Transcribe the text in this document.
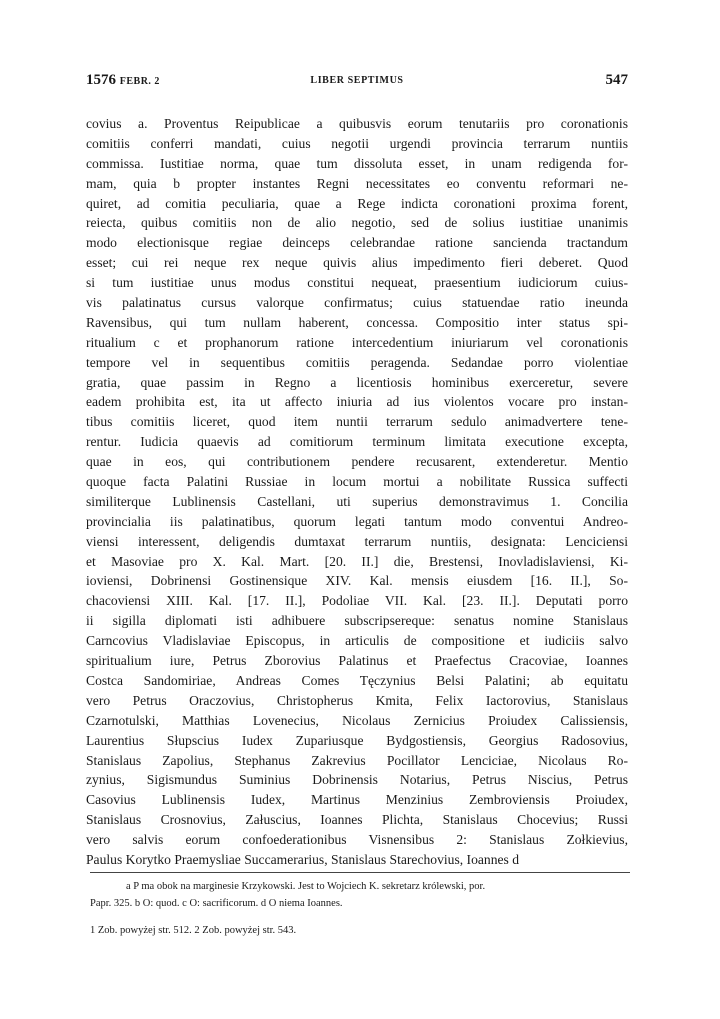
1576 FEBR. 2	LIBER SEPTIMUS	547
covius a. Proventus Reipublicae a quibusvis eorum tenutariis pro coronationis
comitiis conferri mandati, cuius negotii urgendi provincia terrarum nuntiis
commissa. Iustitiae norma, quae tum dissoluta esset, in unam redigenda for-
mam, quia b propter instantes Regni necessitates eo conventu reformari ne-
quiret, ad comitia peculiaria, quae a Rege indicta coronationi proxima forent,
reiecta, quibus comitiis non de alio negotio, sed de solius iustitiae unanimis
modo electionisque regiae deinceps celebrandae ratione sancienda tractandum
esset; cui rei neque rex neque quivis alius impedimento fieri deberet. Quod
si tum iustitiae unus modus constitui nequeat, praesentium iudiciorum cuius-
vis palatinatus cursus valorque confirmatus; cuius statuendae ratio ineunda
Ravensibus, qui tum nullam haberent, concessa. Compositio inter status spi-
ritualium c et prophanorum ratione intercedentium iniuriarum vel coronationis
tempore vel in sequentibus comitiis peragenda. Sedandae porro violentiae
gratia, quae passim in Regno a licentiosis hominibus exerceretur, severe
eadem prohibita est, ita ut affecto iniuria ad ius violentos vocare pro instan-
tibus comitiis liceret, quod item nuntii terrarum sedulo animadvertere tene-
rentur. Iudicia quaevis ad comitiorum terminum limitata executione excepta,
quae in eos, qui contributionem pendere recusarent, extenderetur. Mentio
quoque facta Palatini Russiae in locum mortui a nobilitate Russica suffecti
similiterque Lublinensis Castellani, uti superius demonstravimus 1. Concilia
provincialia iis palatinatibus, quorum legati tantum modo conventui Andreo-
viensi interessent, deligendis dumtaxat terrarum nuntiis, designata: Lenciciensi
et Masoviae pro X. Kal. Mart. [20. II.] die, Brestensi, Inovladislaviensi, Ki-
ioviensi, Dobrinensi Gostinensique XIV. Kal. mensis eiusdem [16. II.], So-
chacoviensi XIII. Kal. [17. II.], Podoliae VII. Kal. [23. II.]. Deputati porro
ii sigilla diplomati isti adhibuere subscripsereque: senatus nomine Stanislaus
Carncovius Vladislaviae Episcopus, in articulis de compositione et iudiciis salvo
spiritualium iure, Petrus Zborovius Palatinus et Praefectus Cracoviae, Ioannes
Costca Sandomiriae, Andreas Comes Tęczynius Belsi Palatini; ab equitatu
vero Petrus Oraczovius, Christopherus Kmita, Felix Iactorovius, Stanislaus
Czarnotulski, Matthias Lovenecius, Nicolaus Zernicius Proiudex Calissiensis,
Laurentius Słupscius Iudex Zupariusque Bydgostiensis, Georgius Radosovius,
Stanislaus Zapolius, Stephanus Zakrevius Pocillator Lenciciae, Nicolaus Ro-
zynius, Sigismundus Suminius Dobrinensis Notarius, Petrus Niscius, Petrus
Casovius Lublinensis Iudex, Martinus Menzinius Zembroviensis Proiudex,
Stanislaus Crosnovius, Załuscius, Ioannes Plichta, Stanislaus Chocevius; Russi
vero salvis eorum confoederationibus Visnensibus 2: Stanislaus Zołkievius,
Paulus Korytko Praemysliae Succamerarius, Stanislaus Starechovius, Ioannes d
a P ma obok na marginesie Krzykowski. Jest to Wojciech K. sekretarz królewski, por.
Papr. 325. b O: quod. c O: sacrificorum. d O niema Ioannes.
1 Zob. powyżej str. 512. 2 Zob. powyżej str. 543.
